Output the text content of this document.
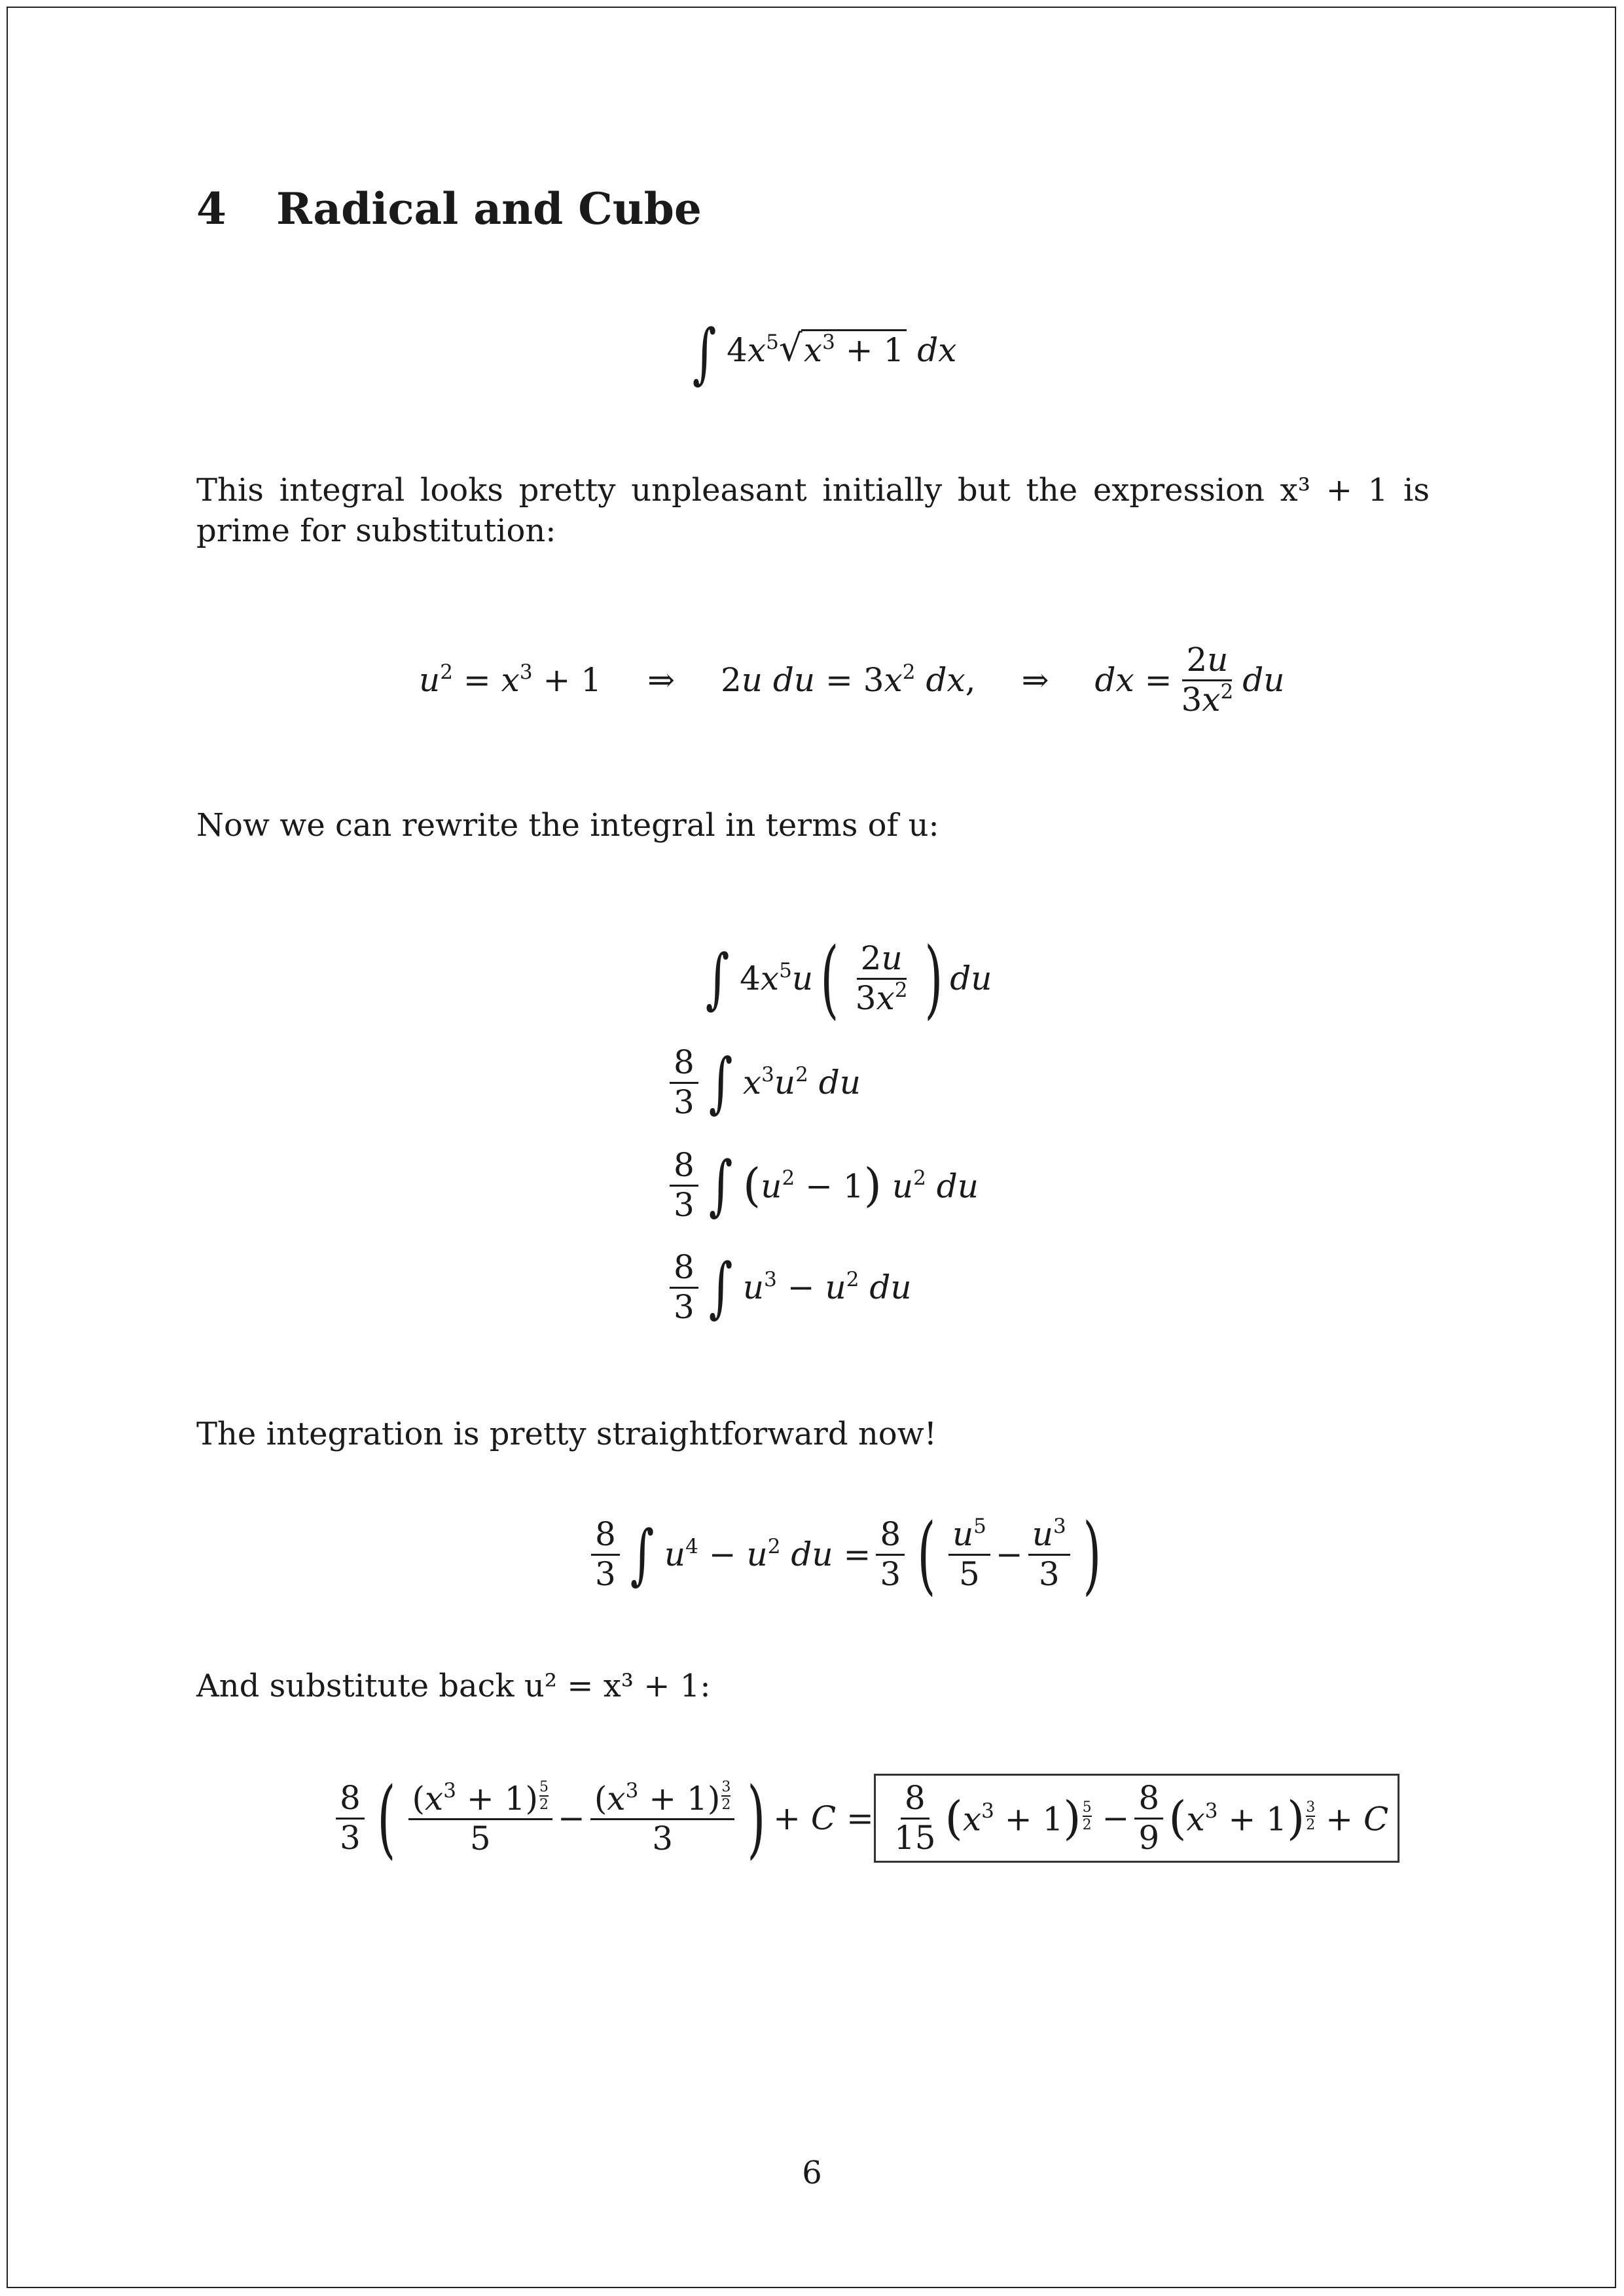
4 Radical and Cube
∫ $4x^5√$ $x^3 + 1$ dx
This integral looks pretty unpleasant initially but the expression x³ + 1 is prime for substitution:
$u^2 = x^3 + 1$ ⇒ 2u du = $3x^2$ dx, ⇒ dx = $\frac{2u}{3x^2}$ du
Now we can rewrite the integral in terms of u:
∫ $4x^5u$ ( $\frac{2u}{3x^2}$ ) du
$\frac{8}{3}$ ∫ $x^3u^2$ du
$\frac{8}{3}$ ∫ $(u^2 - 1)$ $u^2$ du
$\frac{8}{3}$ ∫ $u^3 - u^2$ du
The integration is pretty straightforward now!
$\frac{8}{3}$ ∫ $u^4 - u^2$ du = $\frac{8}{3}$ ( $\frac{u^5}{5} - \frac{u^3}{3}$ )
And substitute back u² = x³ + 1:
$\frac{8}{3}$ ( $\frac{(x^3 + 1) \frac{5}{2}}{5} - \frac{(x^3 + 1) \frac{3}{2}}{3}$ ) + $C = \frac{8}{15} (x^3 + 1) \frac{5}{2} - \frac{8}{9} (x^3 + 1) \frac{3}{2} + C$
6
